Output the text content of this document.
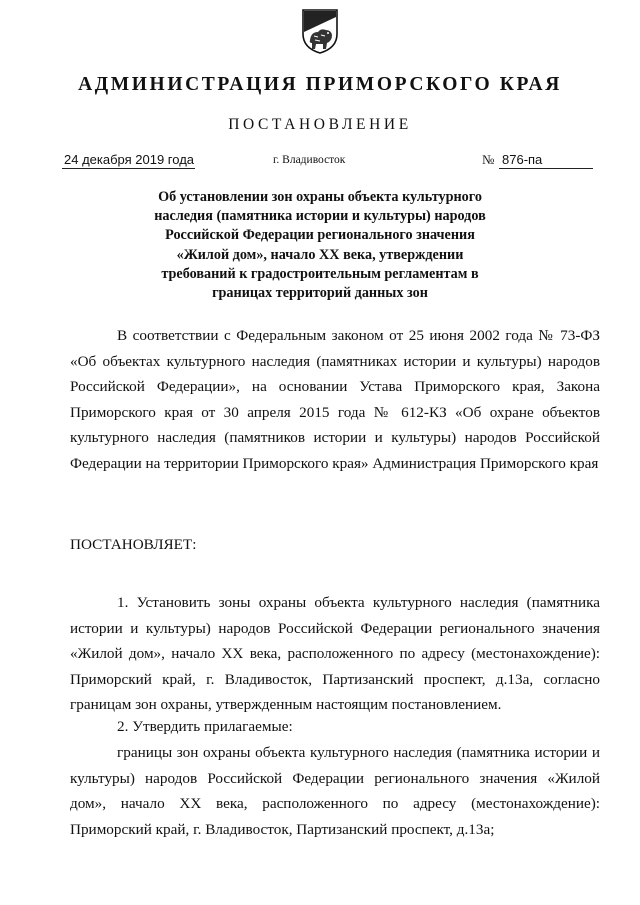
АДМИНИСТРАЦИЯ ПРИМОРСКОГО КРАЯ
ПОСТАНОВЛЕНИЕ
24 декабря 2019 года	г. Владивосток	№ 876-па
Об установлении зон охраны объекта культурного
наследия (памятника истории и культуры) народов
Российской Федерации регионального значения
«Жилой дом», начало XX века, утверждении
требований к градостроительным регламентам в
границах территорий данных зон

В соответствии с Федеральным законом от 25 июня 2002 года № 73-ФЗ «Об объектах культурного наследия (памятниках истории и культуры) народов Российской Федерации», на основании Устава Приморского края, Закона Приморского края от 30 апреля 2015 года № 612-КЗ «Об охране объектов культурного наследия (памятников истории и культуры) народов Российской Федерации на территории Приморского края» Администрация Приморского края

ПОСТАНОВЛЯЕТ:

1. Установить зоны охраны объекта культурного наследия (памятника истории и культуры) народов Российской Федерации регионального значения «Жилой дом», начало XX века, расположенного по адресу (местонахождение): Приморский край, г. Владивосток, Партизанский проспект, д.13а, согласно границам зон охраны, утвержденным настоящим постановлением.

2. Утвердить прилагаемые:

границы зон охраны объекта культурного наследия (памятника истории и культуры) народов Российской Федерации регионального значения «Жилой дом», начало XX века, расположенного по адресу (местонахождение): Приморский край, г. Владивосток, Партизанский проспект, д.13а;
